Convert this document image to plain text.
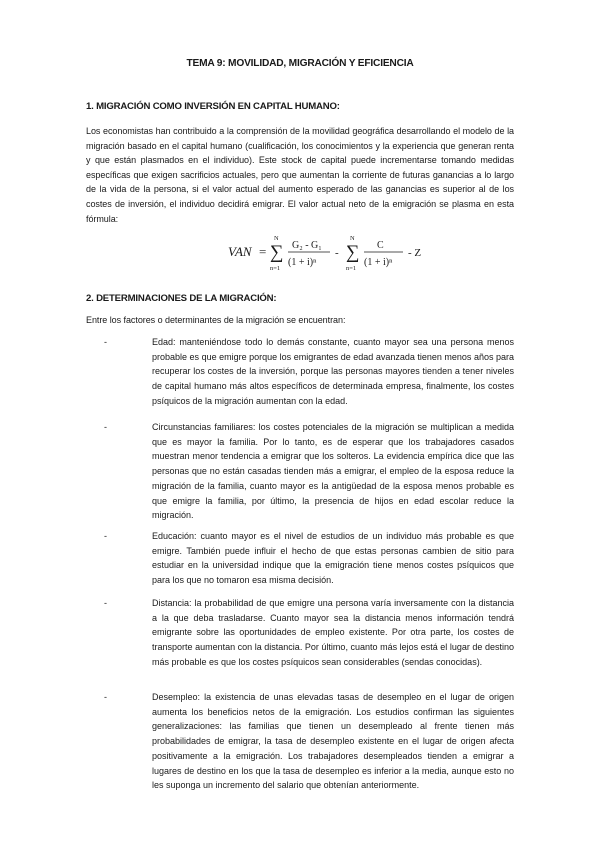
TEMA 9: MOVILIDAD, MIGRACIÓN Y EFICIENCIA
1. MIGRACIÓN COMO INVERSIÓN EN CAPITAL HUMANO:

Los economistas han contribuido a la comprensión de la movilidad geográfica desarrollando el modelo de la migración basado en el capital humano (cualificación, los conocimientos y la experiencia que generan renta y que están plasmados en el individuo). Este stock de capital puede incrementarse tomando medidas específicas que exigen sacrificios actuales, pero que aumentan la corriente de futuras ganancias a lo largo de la vida de la persona, si el valor actual del aumento esperado de las ganancias es superior al de los costes de inversión, el individuo decidirá emigrar. El valor actual neto de la emigración se plasma en esta fórmula:

VAN =
N
∑
n=1
G₂ - G₁
(1 + i)ⁿ
-
N
∑
n=1
C
(1 + i)ⁿ
- Z
2. DETERMINACIONES DE LA MIGRACIÓN:

Entre los factores o determinantes de la migración se encuentran:

-	Edad: manteniéndose todo lo demás constante, cuanto mayor sea una persona menos probable es que emigre porque los emigrantes de edad avanzada tienen menos años para recuperar los costes de la inversión, porque las personas mayores tienden a tener niveles de capital humano más altos específicos de determinada empresa, finalmente, los costes psíquicos de la migración aumentan con la edad.

-	Circunstancias familiares: los costes potenciales de la migración se multiplican a medida que es mayor la familia. Por lo tanto, es de esperar que los trabajadores casados muestran menor tendencia a emigrar que los solteros. La evidencia empírica dice que las personas que no están casadas tienden más a emigrar, el empleo de la esposa reduce la migración de la familia, cuanto mayor es la antigüedad de la esposa menos probable es que emigre la familia, por último, la presencia de hijos en edad escolar reduce la migración.

-	Educación: cuanto mayor es el nivel de estudios de un individuo más probable es que emigre. También puede influir el hecho de que estas personas cambien de sitio para estudiar en la universidad indique que la emigración tiene menos costes psíquicos que para los que no tomaron esa misma decisión.

-	Distancia: la probabilidad de que emigre una persona varía inversamente con la distancia a la que deba trasladarse. Cuanto mayor sea la distancia menos información tendrá emigrante sobre las oportunidades de empleo existente. Por otra parte, los costes de transporte aumentan con la distancia. Por último, cuanto más lejos está el lugar de destino más probable es que los costes psíquicos sean considerables (sendas conocidas).

-	Desempleo: la existencia de unas elevadas tasas de desempleo en el lugar de origen aumenta los beneficios netos de la emigración. Los estudios confirman las siguientes generalizaciones: las familias que tienen un desempleado al frente tienen más probabilidades de emigrar, la tasa de desempleo existente en el lugar de origen afecta positivamente a la emigración. Los trabajadores desempleados tienden a emigrar a lugares de destino en los que la tasa de desempleo es inferior a la media, aunque esto no les suponga un incremento del salario que obtenían anteriormente.
